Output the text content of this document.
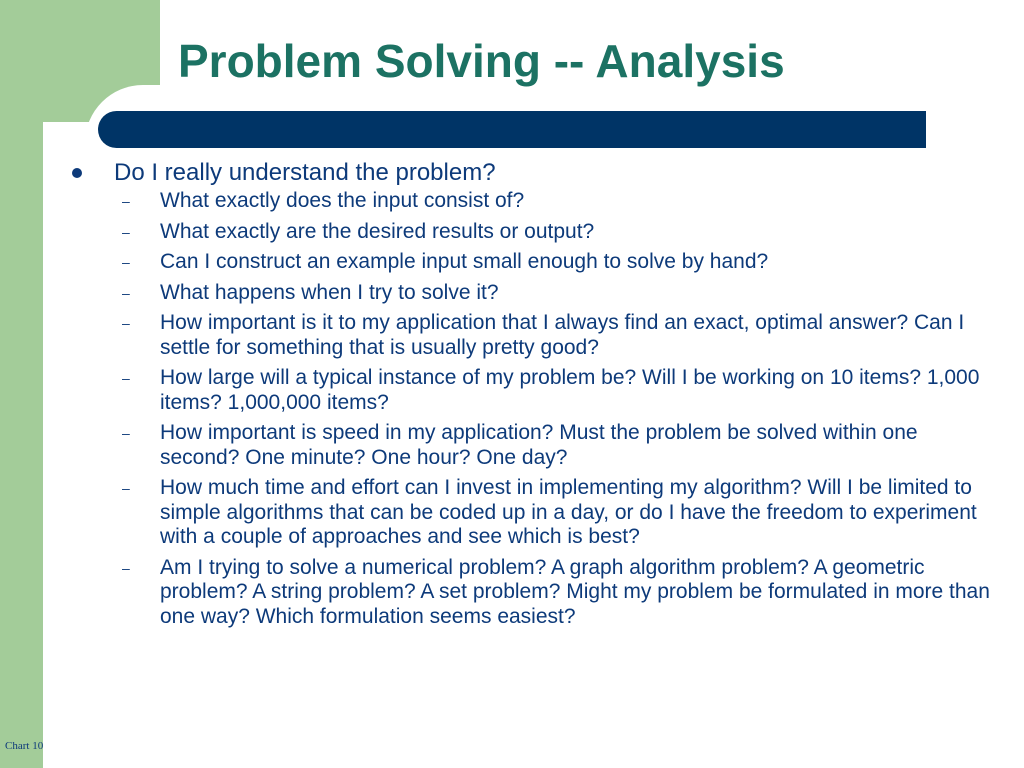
Problem Solving -- Analysis
Do I really understand the problem?
– What exactly does the input consist of?
– What exactly are the desired results or output?
– Can I construct an example input small enough to solve by hand?
– What happens when I try to solve it?
– How important is it to my application that I always find an exact, optimal answer? Can I settle for something that is usually pretty good?
– How large will a typical instance of my problem be? Will I be working on 10 items? 1,000 items? 1,000,000 items?
– How important is speed in my application? Must the problem be solved within one second? One minute? One hour? One day?
– How much time and effort can I invest in implementing my algorithm? Will I be limited to simple algorithms that can be coded up in a day, or do I have the freedom to experiment with a couple of approaches and see which is best?
– Am I trying to solve a numerical problem? A graph algorithm problem? A geometric problem? A string problem? A set problem? Might my problem be formulated in more than one way? Which formulation seems easiest?
Chart 10
